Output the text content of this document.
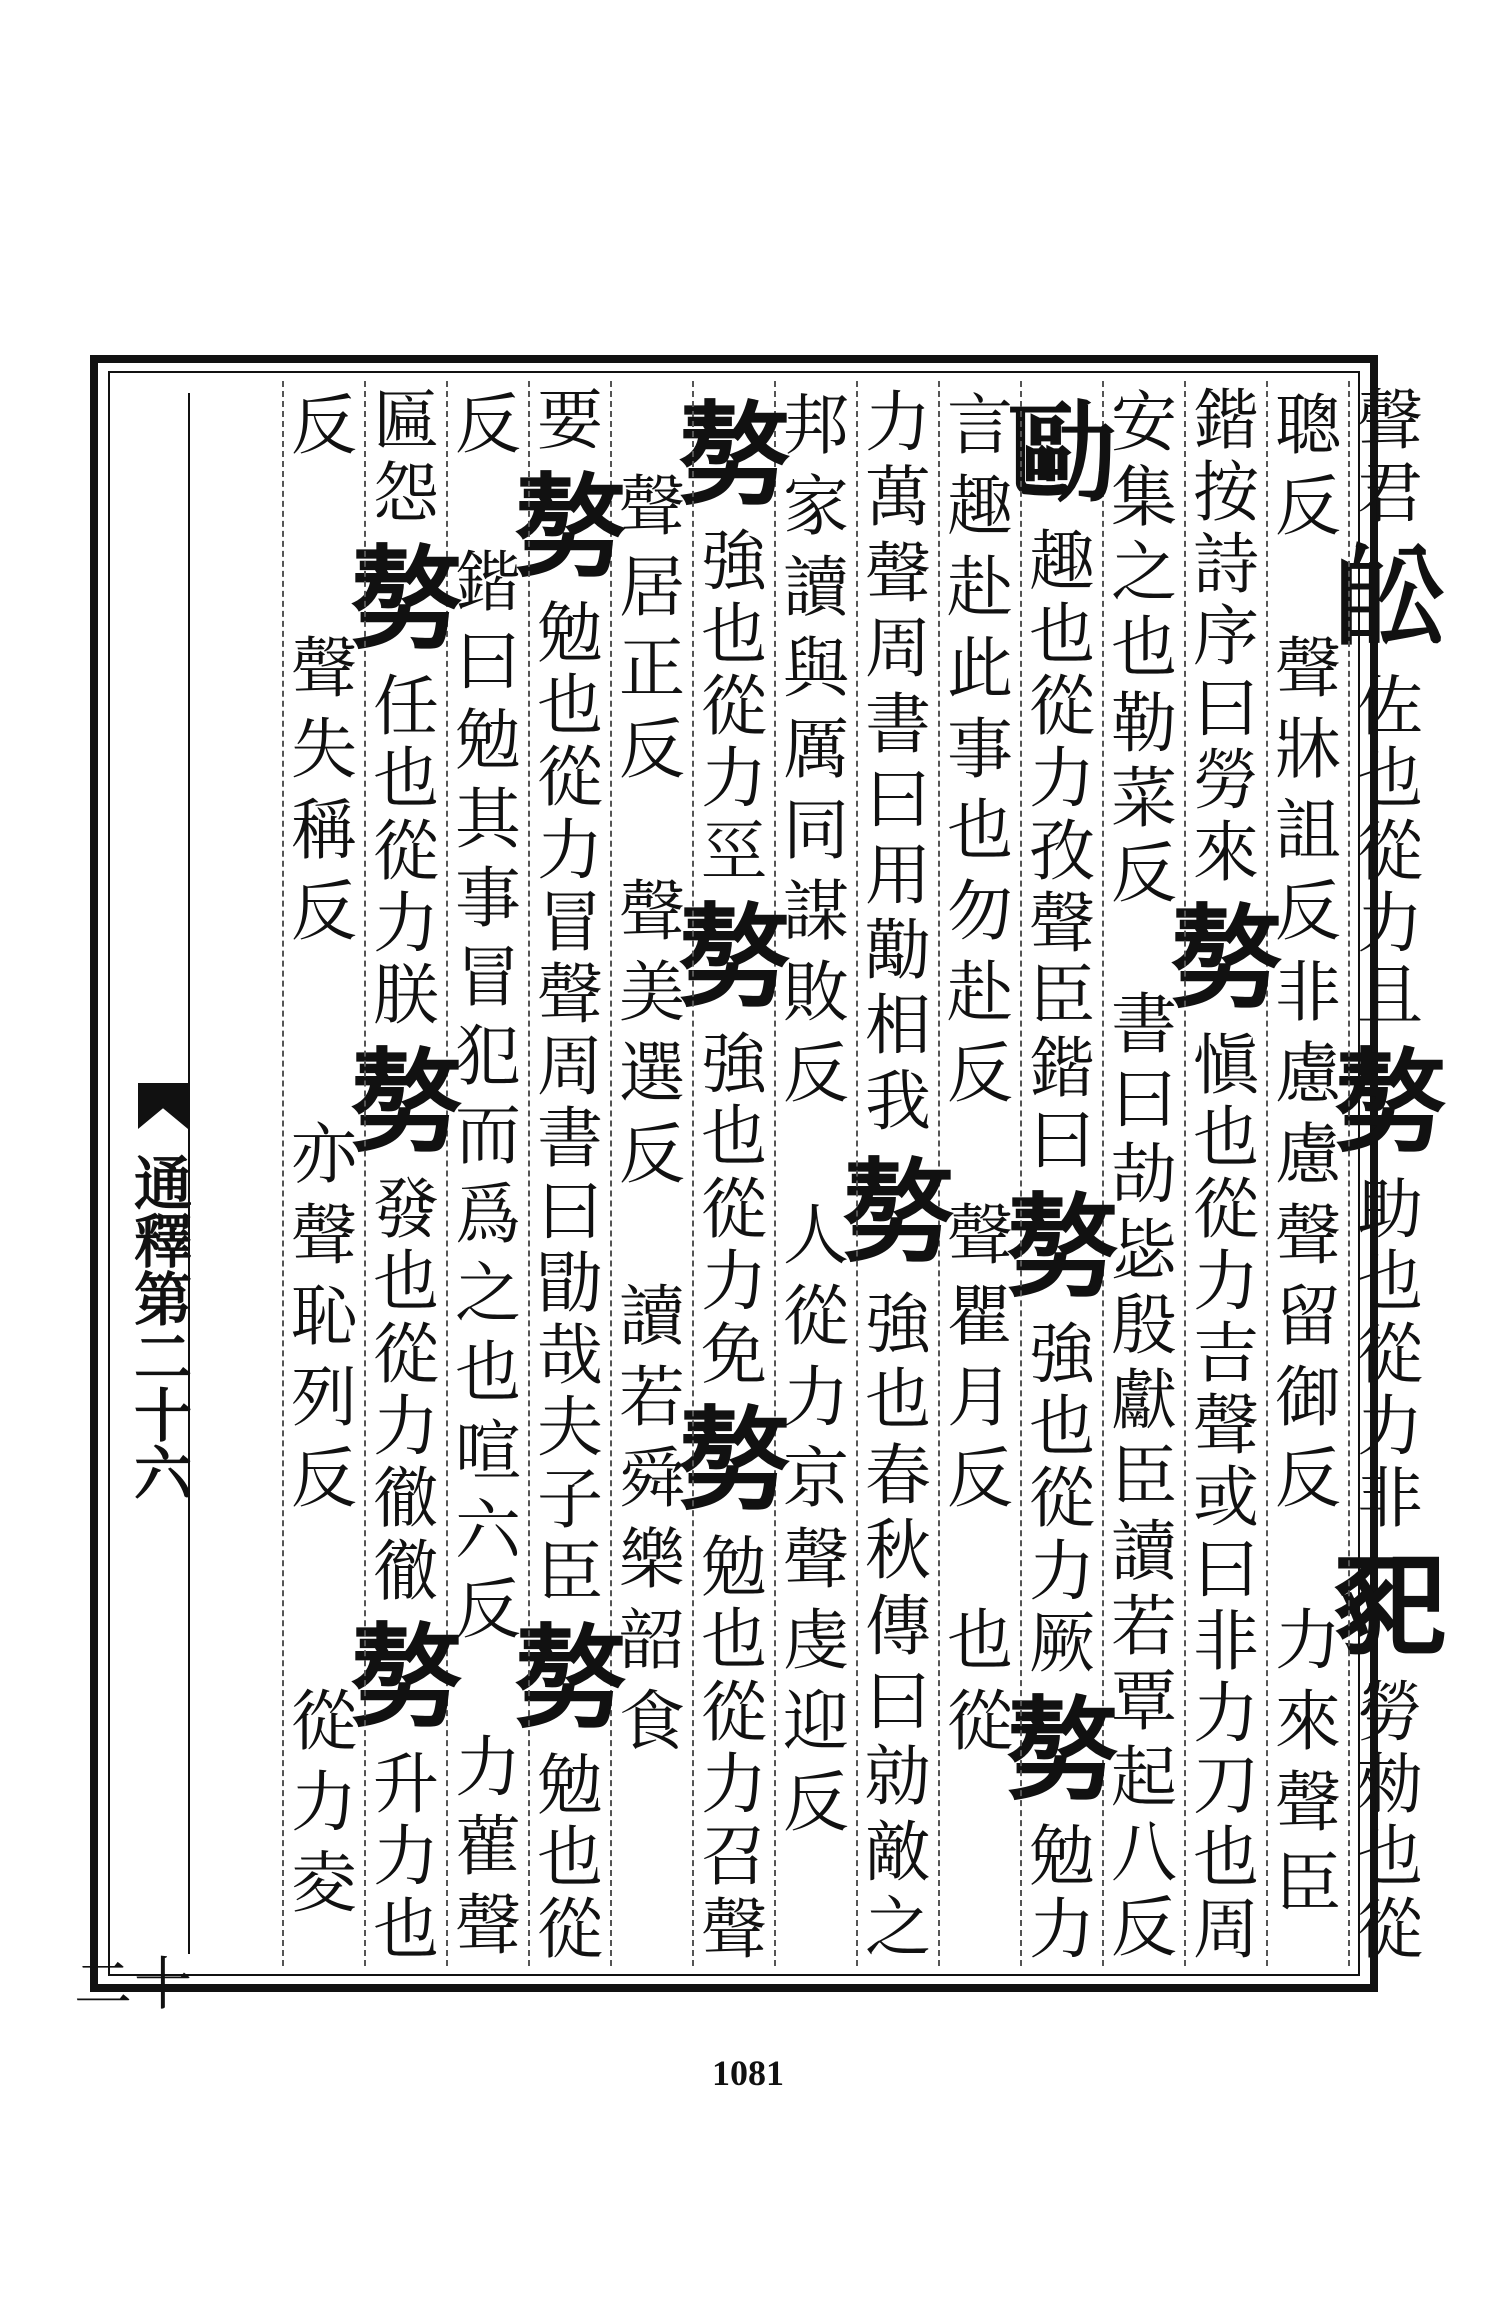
通釋第二十六
十二
聲
君
𦤉
佐
也
從
力
且
𠢕
助
也
從
力
非
𢁁
勞
勑
也
從
聰
反
聲
牀
詛
反
非
慮
慮
聲
留
御
反
力
來
聲
臣
鍇
按
詩
序
曰
勞
來
𠢕
愼
也
從
力
吉
聲
或
曰
非
力
刀
也
周
安
集
之
也
勒
菜
反
書
曰
劼
毖
殷
獻
臣
讀
若
覃
起
八
反
𠢔
趣
也
從
力
孜
聲
臣
鍇
曰
𠢕
強
也
從
力
厥
𠢕
勉
力
言
趣
赴
此
事
也
勿
赴
反
聲
瞿
月
反
也
從
力
萬
聲
周
書
曰
用
勱
相
我
𠢕
強
也
春
秋
傳
曰
勍
敵
之
邦
家
讀
與
厲
同
謀
敗
反
人
從
力
京
聲
虔
迎
反
𠢕
強
也
從
力
巠
𠢕
強
也
從
力
免
𠢕
勉
也
從
力
召
聲
聲
居
正
反
聲
美
選
反
讀
若
舜
樂
韶
食
要
𠢕
勉
也
從
力
冒
聲
周
書
曰
勖
哉
夫
子
臣
𠢕
勉
也
從
反
鍇
曰
勉
其
事
冒
犯
而
爲
之
也
喧
六
反
力
雚
聲
匾
怨
𠢕
任
也
從
力
朕
𠢕
發
也
從
力
徹
徹
𠢕
升
力
也
反
聲
失
稱
反
亦
聲
恥
列
反
從
力
夌
1081
